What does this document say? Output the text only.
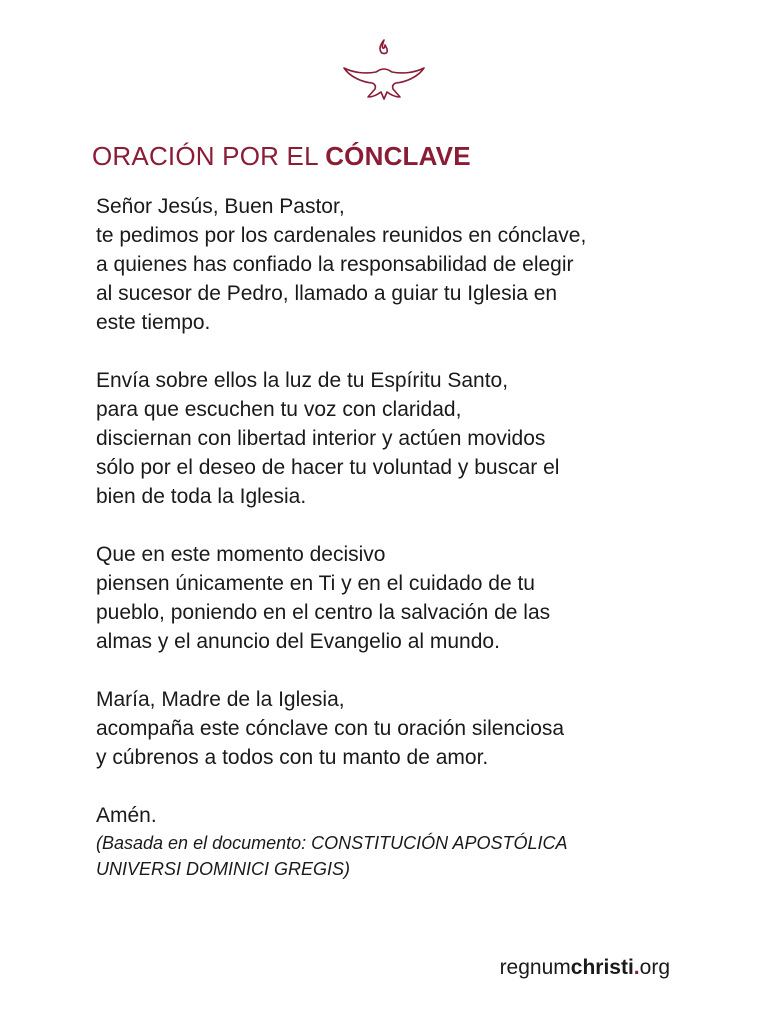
ORACIÓN POR EL CÓNCLAVE
Señor Jesús, Buen Pastor,
te pedimos por los cardenales reunidos en cónclave,
a quienes has confiado la responsabilidad de elegir
al sucesor de Pedro, llamado a guiar tu Iglesia en
este tiempo.
Envía sobre ellos la luz de tu Espíritu Santo,
para que escuchen tu voz con claridad,
disciernan con libertad interior y actúen movidos
sólo por el deseo de hacer tu voluntad y buscar el
bien de toda la Iglesia.
Que en este momento decisivo
piensen únicamente en Ti y en el cuidado de tu
pueblo, poniendo en el centro la salvación de las
almas y el anuncio del Evangelio al mundo.
María, Madre de la Iglesia,
acompaña este cónclave con tu oración silenciosa
y cúbrenos a todos con tu manto de amor.
Amén.
(Basada en el documento: CONSTITUCIÓN APOSTÓLICA
UNIVERSI DOMINICI GREGIS)
regnumchristi.org
